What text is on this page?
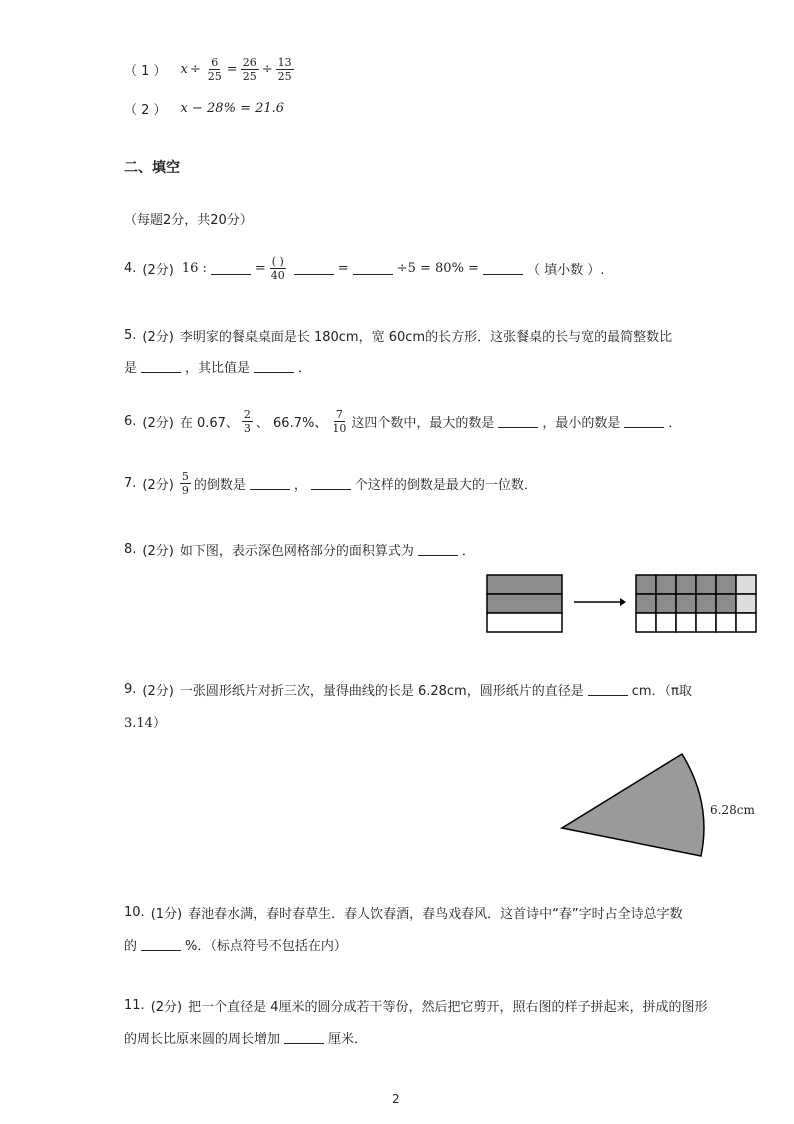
（ 1 ） $x \div \frac{6}{25} = \frac{26}{25} \div \frac{13}{25}$
（ 2 ） x − 28% = 21.6
二、填空
（每题2分，共20分）
4. (2分) 16 :	= $\frac{( )}{40}$	=	÷5 = 80% =	（ 填小数 ）.
5. (2分) 李明家的餐桌桌面是长 180cm，宽 60cm的长方形．这张餐桌的长与宽的最简整数比
是	，其比值是	．
6. (2分) 在 0.67、 $\frac{2}{3}$ 、 66.7%、 $\frac{7}{10}$ 这四个数中，最大的数是	，最小的数是	．
7. (2分) $\frac{5}{9}$ 的倒数是	，	个这样的倒数是最大的一位数．
8. (2分) 如下图，表示深色网格部分的面积算式为	．
9. (2分) 一张圆形纸片对折三次，量得曲线的长是 6.28cm，圆形纸片的直径是	cm．（π取
3.14）
6.28cm
10. (1分) 春池春水满，春时春草生．春人饮春酒，春鸟戏春风．这首诗中“春”字时占全诗总字数
的	%．（标点符号不包括在内）
11. (2分) 把一个直径是 4厘米的圆分成若干等份，然后把它剪开，照右图的样子拼起来，拼成的图形
的周长比原来圆的周长增加	厘米．
2
